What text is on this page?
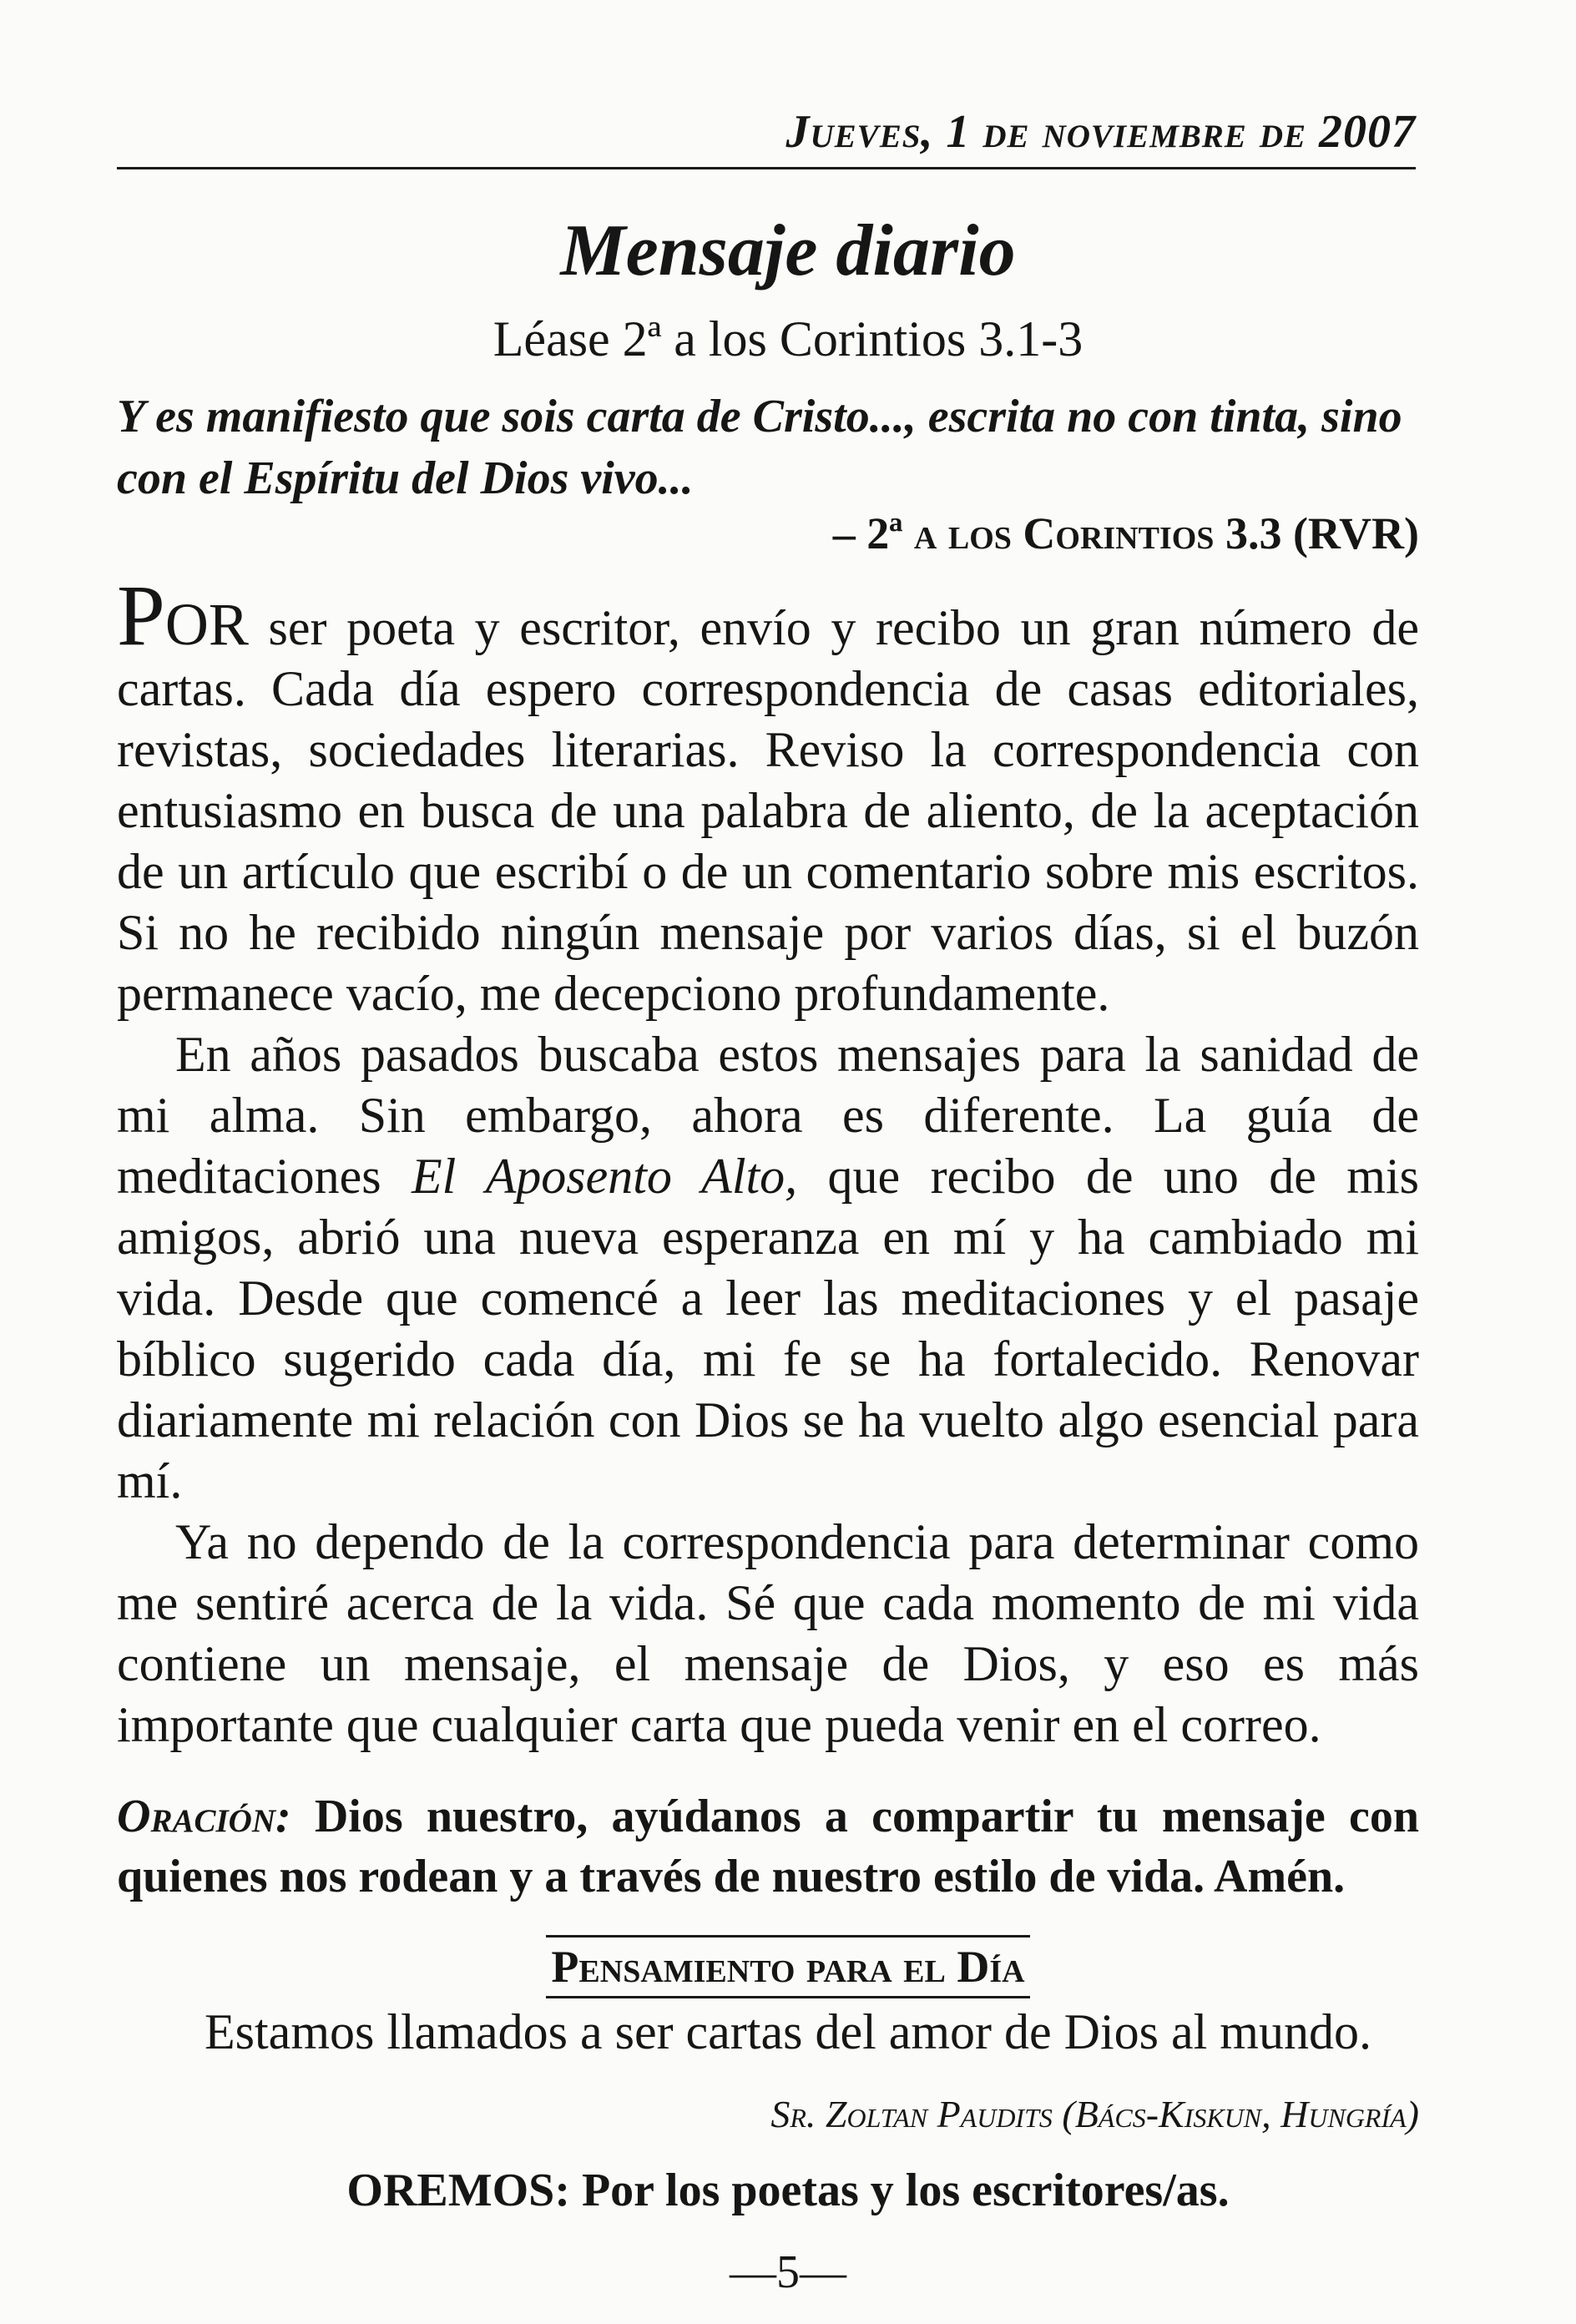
Jueves, 1 de noviembre de 2007
Mensaje diario
Léase 2ª a los Corintios 3.1-3
Y es manifiesto que sois carta de Cristo..., escrita no con tinta, sino con el Espíritu del Dios vivo...
– 2ª a los Corintios 3.3 (RVR)

POR ser poeta y escritor, envío y recibo un gran número de cartas. Cada día espero correspondencia de casas editoriales, revistas, sociedades literarias. Reviso la correspondencia con entusiasmo en busca de una palabra de aliento, de la aceptación de un artículo que escribí o de un comentario sobre mis escritos. Si no he recibido ningún mensaje por varios días, si el buzón permanece vacío, me decepciono profundamente.

En años pasados buscaba estos mensajes para la sanidad de mi alma. Sin embargo, ahora es diferente. La guía de meditaciones El Aposento Alto, que recibo de uno de mis amigos, abrió una nueva esperanza en mí y ha cambiado mi vida. Desde que comencé a leer las meditaciones y el pasaje bíblico sugerido cada día, mi fe se ha fortalecido. Renovar diariamente mi relación con Dios se ha vuelto algo esencial para mí.

Ya no dependo de la correspondencia para determinar como me sentiré acerca de la vida. Sé que cada momento de mi vida contiene un mensaje, el mensaje de Dios, y eso es más importante que cualquier carta que pueda venir en el correo.

Oración: Dios nuestro, ayúdanos a compartir tu mensaje con quienes nos rodean y a través de nuestro estilo de vida. Amén.
Pensamiento para el Día
Estamos llamados a ser cartas del amor de Dios al mundo.
Sr. Zoltan Paudits (Bács-Kiskun, Hungría)
OREMOS: Por los poetas y los escritores/as.
—5—
